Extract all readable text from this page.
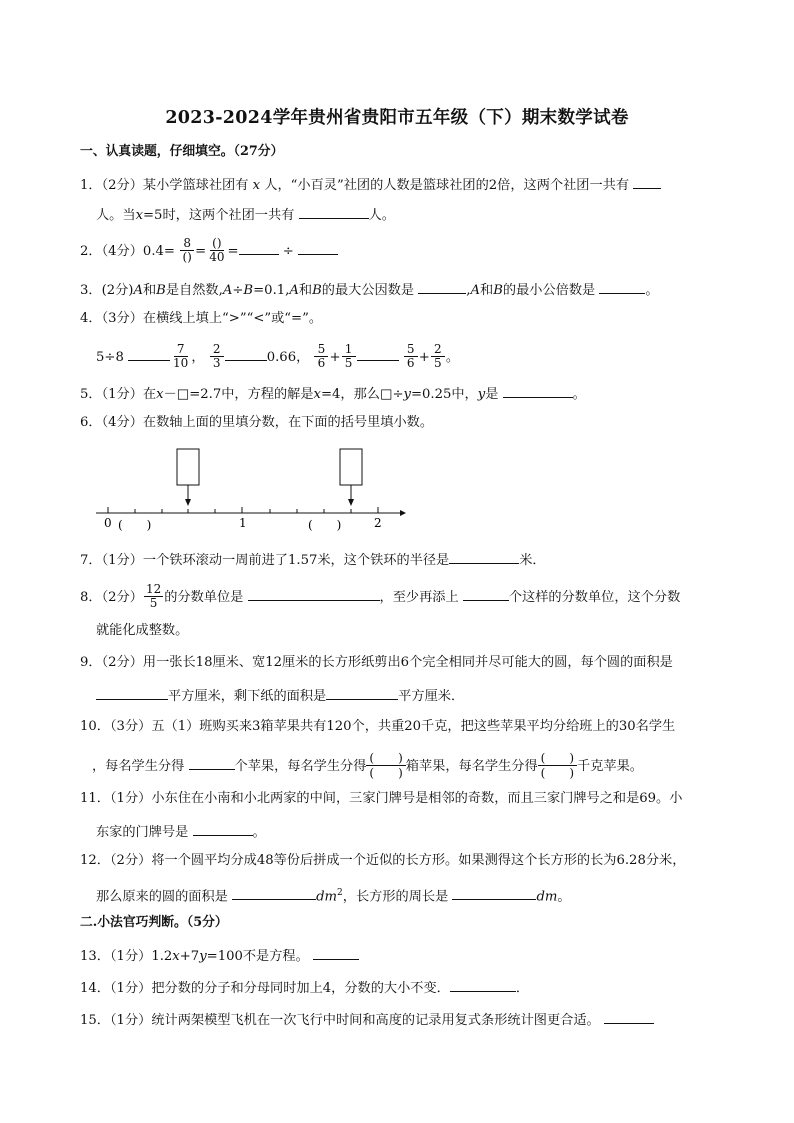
2023-2024学年贵州省贵阳市五年级（下）期末数学试卷
一、认真读题，仔细填空。（27分）
1．（2分）某小学篮球社团有 x 人，“小百灵”社团的人数是篮球社团的2倍，这两个社团一共有
人。当x=5时，这两个社团一共有	人。
2．（4分）$0.4= \frac{8}{()} = \frac{()}{40}$ =	÷
3．(2分)A和B是自然数,A÷B=0.1,A和B的最大公因数是	,A和B的最小公倍数是	。
4．（3分）在横线上填上“>”“<”或“=”。
5÷8	$\frac{7}{10}$ ， $\frac{2}{3}$	0.66， $\frac{5}{6} + \frac{1}{5}$
	$\frac{5}{6} + \frac{2}{5}$ 。
5．（1分）在x－□=2.7中，方程的解是x=4，那么□÷y=0.25中，y是	。
6．（4分）在数轴上面的里填分数，在下面的括号里填小数。
0	1	2
(　　)	(　　)
7．（1分）一个铁环滚动一周前进了1.57米，这个铁环的半径是	米．
8．（2分） $\frac{12}{5}$ 的分数单位是	，至少再添上	个这样的分数单位，这个分数
就能化成整数。
9．（2分）用一张长18厘米、宽12厘米的长方形纸剪出6个完全相同并尽可能大的圆，每个圆的面积是
平方厘米，剩下纸的面积是	平方厘米．
10．（3分）五（1）班购买来3箱苹果共有120个，共重20千克，把这些苹果平均分给班上的30名学生
，每名学生分得	个苹果，每名学生分得
(　　)
(　　) 箱苹果，每名学生分得
(　　)
(　　) 千克苹果。
11．（1分）小东住在小南和小北两家的中间，三家门牌号是相邻的奇数，而且三家门牌号之和是69。小
东家的门牌号是	。
12．（2分）将一个圆平均分成48等份后拼成一个近似的长方形。如果测得这个长方形的长为6.28分米，
那么原来的圆的面积是	$dm^2$，长方形的周长是	dm。
二.小法官巧判断。（5分）
13．（1分）1.2x+7y=100不是方程。
14．（1分）把分数的分子和分母同时加上4，分数的大小不变．	．
15．（1分）统计两架模型飞机在一次飞行中时间和高度的记录用复式条形统计图更合适。
